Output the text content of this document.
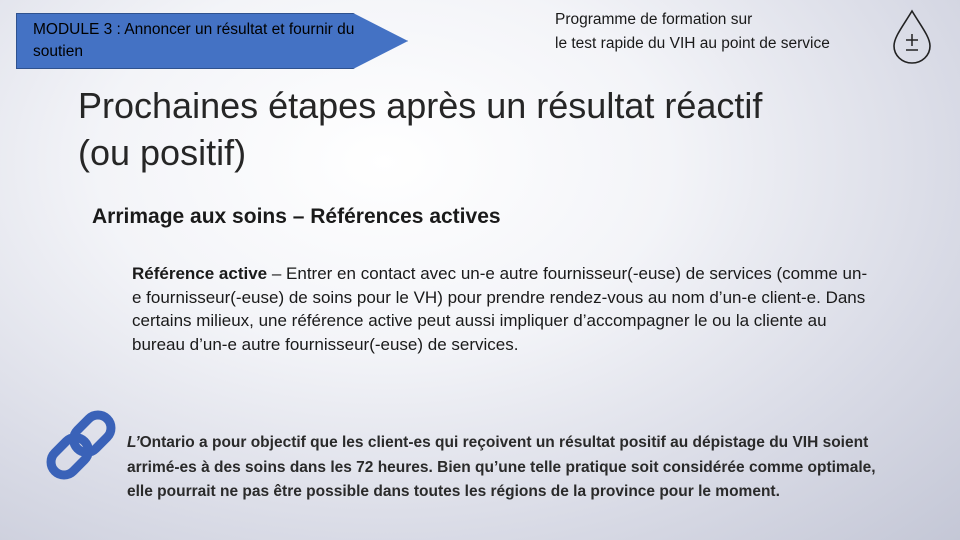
MODULE 3 : Annoncer un résultat et fournir du soutien
Programme de formation sur
le test rapide du VIH au point de service
Prochaines étapes après un résultat réactif
(ou positif)
Arrimage aux soins – Références actives

Référence active – Entrer en contact avec un-e autre fournisseur(-euse) de services (comme un-e fournisseur(-euse) de soins pour le VH) pour prendre rendez-vous au nom d’un-e client-e. Dans certains milieux, une référence active peut aussi impliquer d’accompagner le ou la cliente au bureau d’un-e autre fournisseur(-euse) de services.

L’Ontario a pour objectif que les client-es qui reçoivent un résultat positif au dépistage du VIH soient arrimé-es à des soins dans les 72 heures. Bien qu’une telle pratique soit considérée comme optimale, elle pourrait ne pas être possible dans toutes les régions de la province pour le moment.
